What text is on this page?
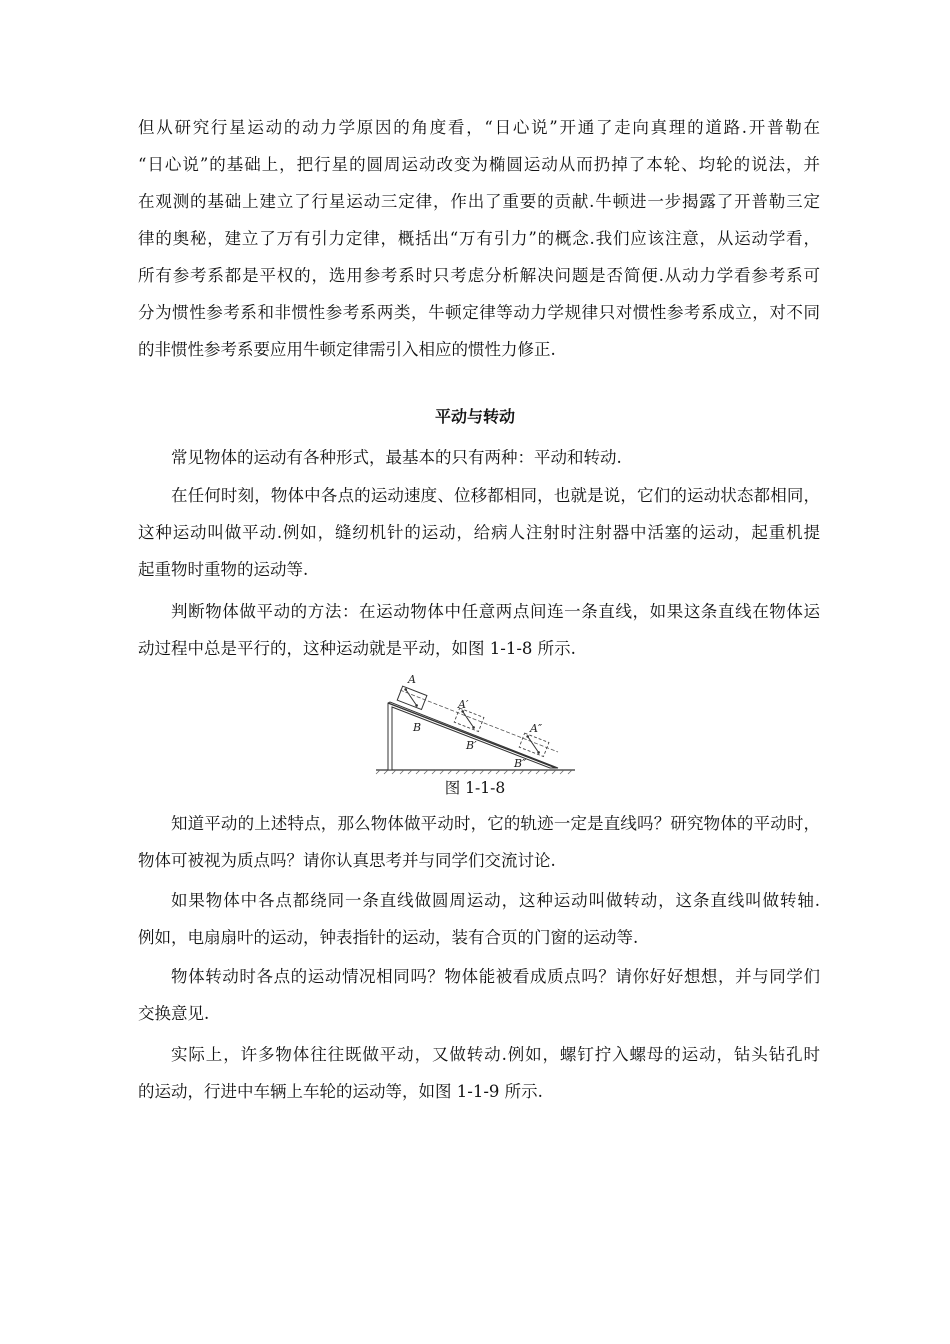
但从研究行星运动的动力学原因的角度看，“日心说”开通了走向真理的道路.开普勒在
“日心说”的基础上，把行星的圆周运动改变为椭圆运动从而扔掉了本轮、均轮的说法，并
在观测的基础上建立了行星运动三定律，作出了重要的贡献.牛顿进一步揭露了开普勒三定
律的奥秘，建立了万有引力定律，概括出“万有引力”的概念.我们应该注意，从运动学看，
所有参考系都是平权的，选用参考系时只考虑分析解决问题是否简便.从动力学看参考系可
分为惯性参考系和非惯性参考系两类，牛顿定律等动力学规律只对惯性参考系成立，对不同
的非惯性参考系要应用牛顿定律需引入相应的惯性力修正.
平动与转动
常见物体的运动有各种形式，最基本的只有两种：平动和转动.
在任何时刻，物体中各点的运动速度、位移都相同，也就是说，它们的运动状态都相同，
这种运动叫做平动.例如，缝纫机针的运动，给病人注射时注射器中活塞的运动，起重机提
起重物时重物的运动等.
判断物体做平动的方法：在运动物体中任意两点间连一条直线，如果这条直线在物体运
动过程中总是平行的，这种运动就是平动，如图 1-1-8 所示.
A
B
A′
B′
A″
B″
图 1-1-8
知道平动的上述特点，那么物体做平动时，它的轨迹一定是直线吗？研究物体的平动时，
物体可被视为质点吗？请你认真思考并与同学们交流讨论.
如果物体中各点都绕同一条直线做圆周运动，这种运动叫做转动，这条直线叫做转轴.
例如，电扇扇叶的运动，钟表指针的运动，装有合页的门窗的运动等.
物体转动时各点的运动情况相同吗？物体能被看成质点吗？请你好好想想，并与同学们
交换意见.
实际上，许多物体往往既做平动，又做转动.例如，螺钉拧入螺母的运动，钻头钻孔时
的运动，行进中车辆上车轮的运动等，如图 1-1-9 所示.
